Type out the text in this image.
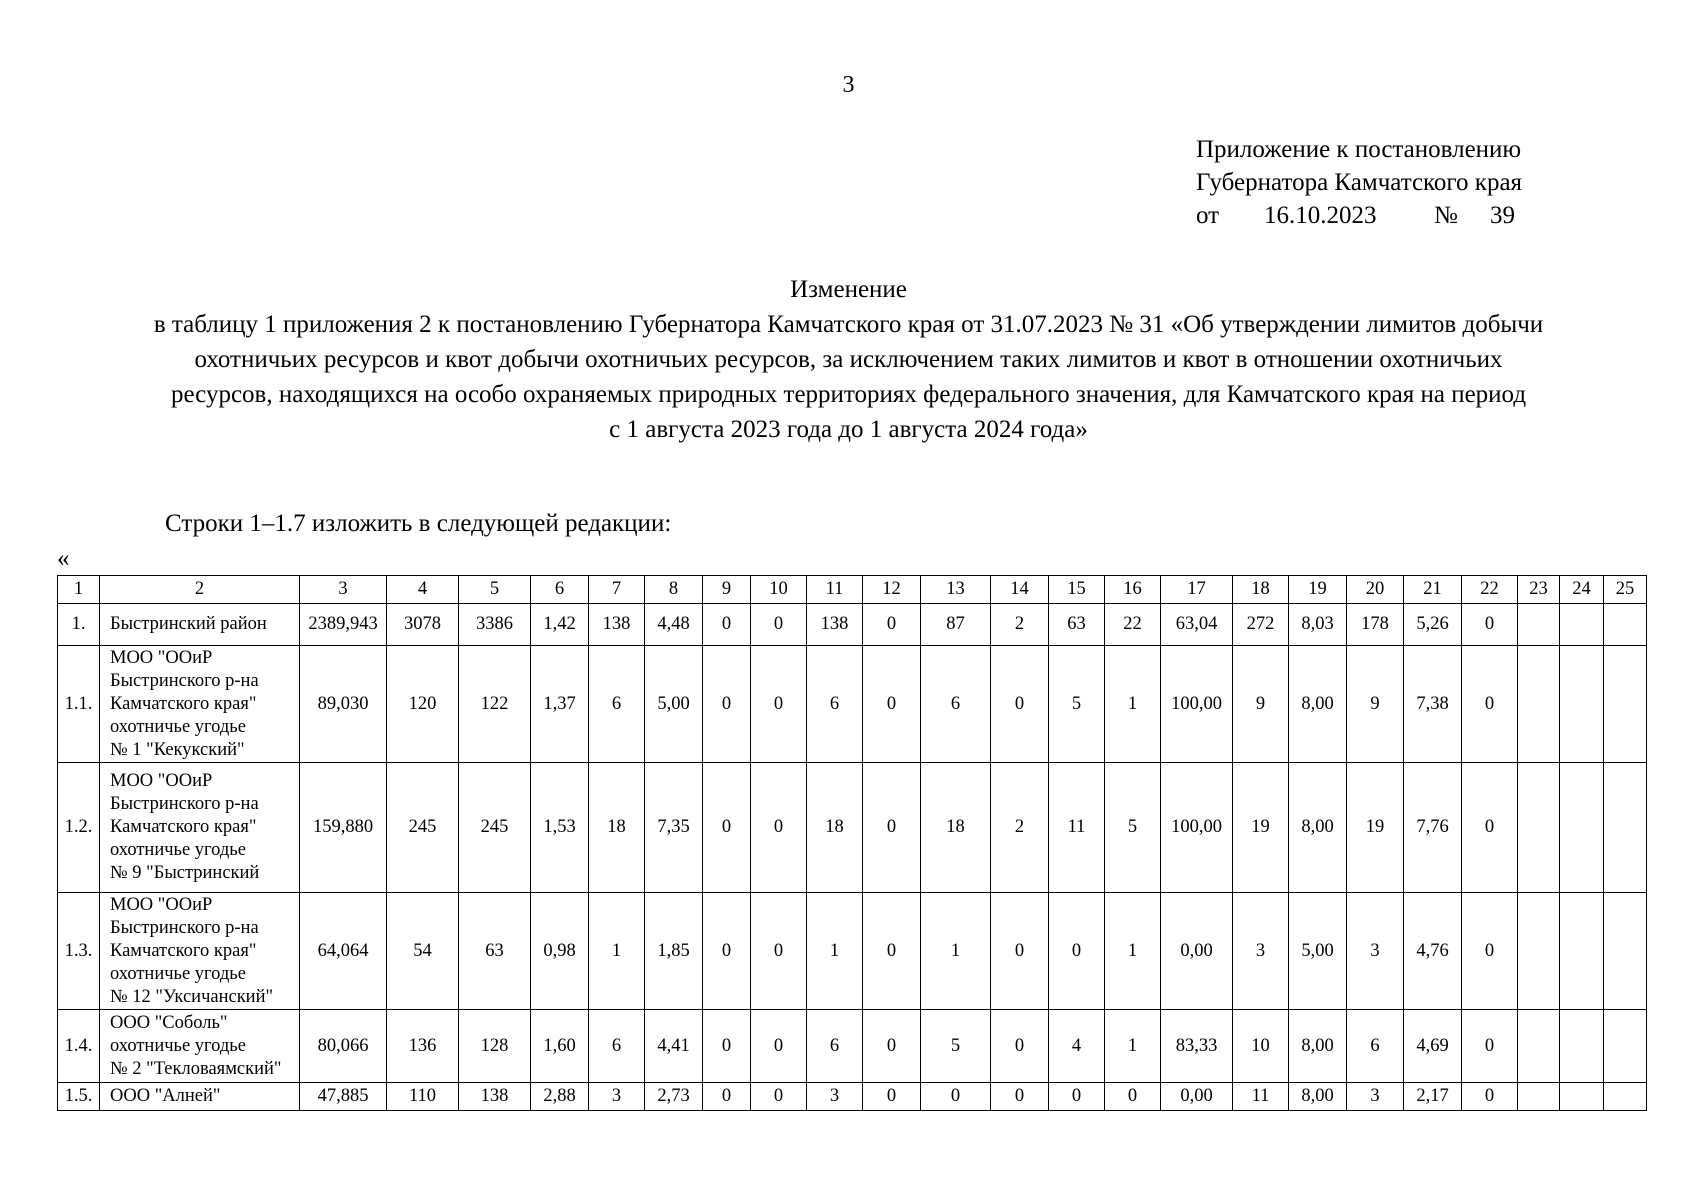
3
Приложение к постановлению
Губернатора Камчатского края
от	16.10.2023	№	39
Изменение
в таблицу 1 приложения 2 к постановлению Губернатора Камчатского края от 31.07.2023 № 31 «Об утверждении лимитов добычи
охотничьих ресурсов и квот добычи охотничьих ресурсов, за исключением таких лимитов и квот в отношении охотничьих
ресурсов, находящихся на особо охраняемых природных территориях федерального значения, для Камчатского края на период
с 1 августа 2023 года до 1 августа 2024 года»
Строки 1–1.7 изложить в следующей редакции:
«
1	2	3	4	5	6	7	8	9	10	11	12	13	14	15	16	17	18	19	20	21	22	23	24	25
1.	Быстринский район	2389,943	3078	3386	1,42	138	4,48	0	0	138	0	87	2	63	22	63,04	272	8,03	178	5,26	0			
1.1.	МОО "ООиР
Быстринского р-на
Камчатского края"
охотничье угодье
№ 1 "Кекукский"	89,030	120	122	1,37	6	5,00	0	0	6	0	6	0	5	1	100,00	9	8,00	9	7,38	0			
1.2.	МОО "ООиР
Быстринского р-на
Камчатского края"
охотничье угодье
№ 9 "Быстринский	159,880	245	245	1,53	18	7,35	0	0	18	0	18	2	11	5	100,00	19	8,00	19	7,76	0			
1.3.	МОО "ООиР
Быстринского р-на
Камчатского края"
охотничье угодье
№ 12 "Уксичанский"	64,064	54	63	0,98	1	1,85	0	0	1	0	1	0	0	1	0,00	3	5,00	3	4,76	0			
1.4.	ООО "Соболь"
охотничье угодье
№ 2 "Текловаямский"	80,066	136	128	1,60	6	4,41	0	0	6	0	5	0	4	1	83,33	10	8,00	6	4,69	0			
1.5.	ООО "Алней"	47,885	110	138	2,88	3	2,73	0	0	3	0	0	0	0	0	0,00	11	8,00	3	2,17	0			
